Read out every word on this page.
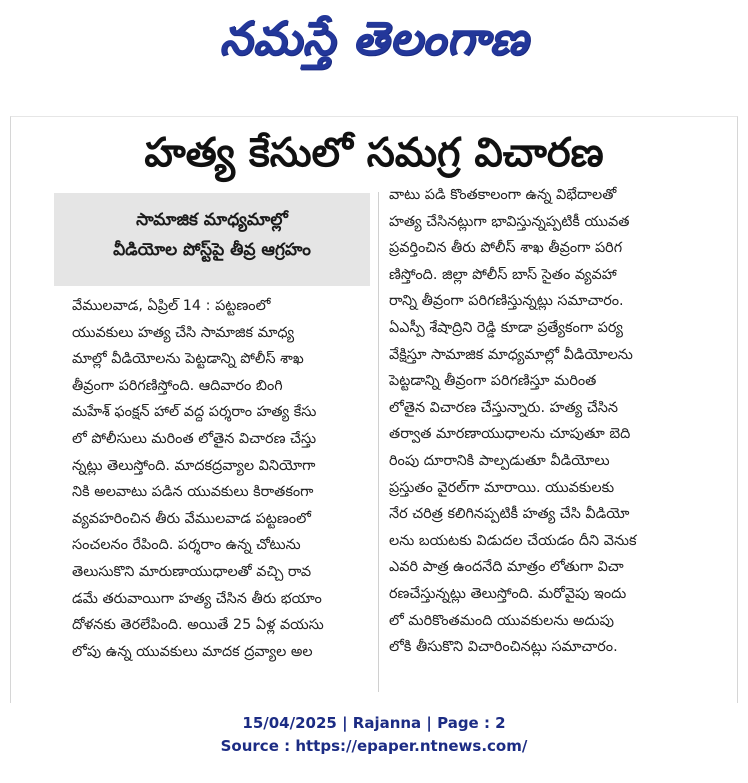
నమస్తే తెలంగాణ
హత్య కేసులో సమగ్ర విచారణ
సామాజిక మాధ్యమాల్లో
వీడియోల పోస్ట్‌పై తీవ్ర ఆగ్రహం

వేములవాడ, ఏప్రిల్ 14 : పట్టణంలో

యువకులు హత్య చేసి సామాజిక మాధ్య

మాల్లో వీడియోలను పెట్టడాన్ని పోలీస్ శాఖ

తీవ్రంగా పరిగణిస్తోంది. ఆదివారం బింగి

మహేశ్ ఫంక్షన్ హాల్ వద్ద పర్శరాం హత్య కేసు

లో పోలీసులు మరింత లోతైన విచారణ చేస్తు

న్నట్లు తెలుస్తోంది. మాదకద్రవ్యాల వినియోగా

నికి అలవాటు పడిన యువకులు కిరాతకంగా

వ్యవహరించిన తీరు వేములవాడ పట్టణంలో

సంచలనం రేపింది. పర్శరాం ఉన్న చోటును

తెలుసుకొని మారుణాయుధాలతో వచ్చి రావ

డమే తరువాయిగా హత్య చేసిన తీరు భయాం

దోళనకు తెరలేపింది. అయితే 25 ఏళ్ల వయసు

లోపు ఉన్న యువకులు మాదక ద్రవ్యాల అల

వాటు పడి కొంతకాలంగా ఉన్న విభేదాలతో

హత్య చేసినట్లుగా భావిస్తున్నప్పటికీ యువత

ప్రవర్తించిన తీరు పోలీస్ శాఖ తీవ్రంగా పరిగ

ణిస్తోంది. జిల్లా పోలీస్ బాస్ సైతం వ్యవహా

రాన్ని తీవ్రంగా పరిగణిస్తున్నట్లు సమాచారం.

ఏఎస్పీ శేషాద్రిని రెడ్డి కూడా ప్రత్యేకంగా పర్య

వేక్షిస్తూ సామాజిక మాధ్యమాల్లో వీడియోలను

పెట్టడాన్ని తీవ్రంగా పరిగణిస్తూ మరింత

లోతైన విచారణ చేస్తున్నారు. హత్య చేసిన

తర్వాత మారణాయుధాలను చూపుతూ బెది

రింపు దూరానికి పాల్పడుతూ వీడియోలు

ప్రస్తుతం వైరల్‌గా మారాయి. యువకులకు

నేర చరిత్ర కలిగినప్పటికీ హత్య చేసి వీడియో

లను బయటకు విడుదల చేయడం దీని వెనుక

ఎవరి పాత్ర ఉందనేది మాత్రం లోతుగా విచా

రణచేస్తున్నట్లు తెలుస్తోంది. మరోవైపు ఇందు

లో మరికొంతమంది యువకులను అదుపు

లోకి తీసుకొని విచారించినట్లు సమాచారం.

15/04/2025 | Rajanna | Page : 2
Source : https://epaper.ntnews.com/
